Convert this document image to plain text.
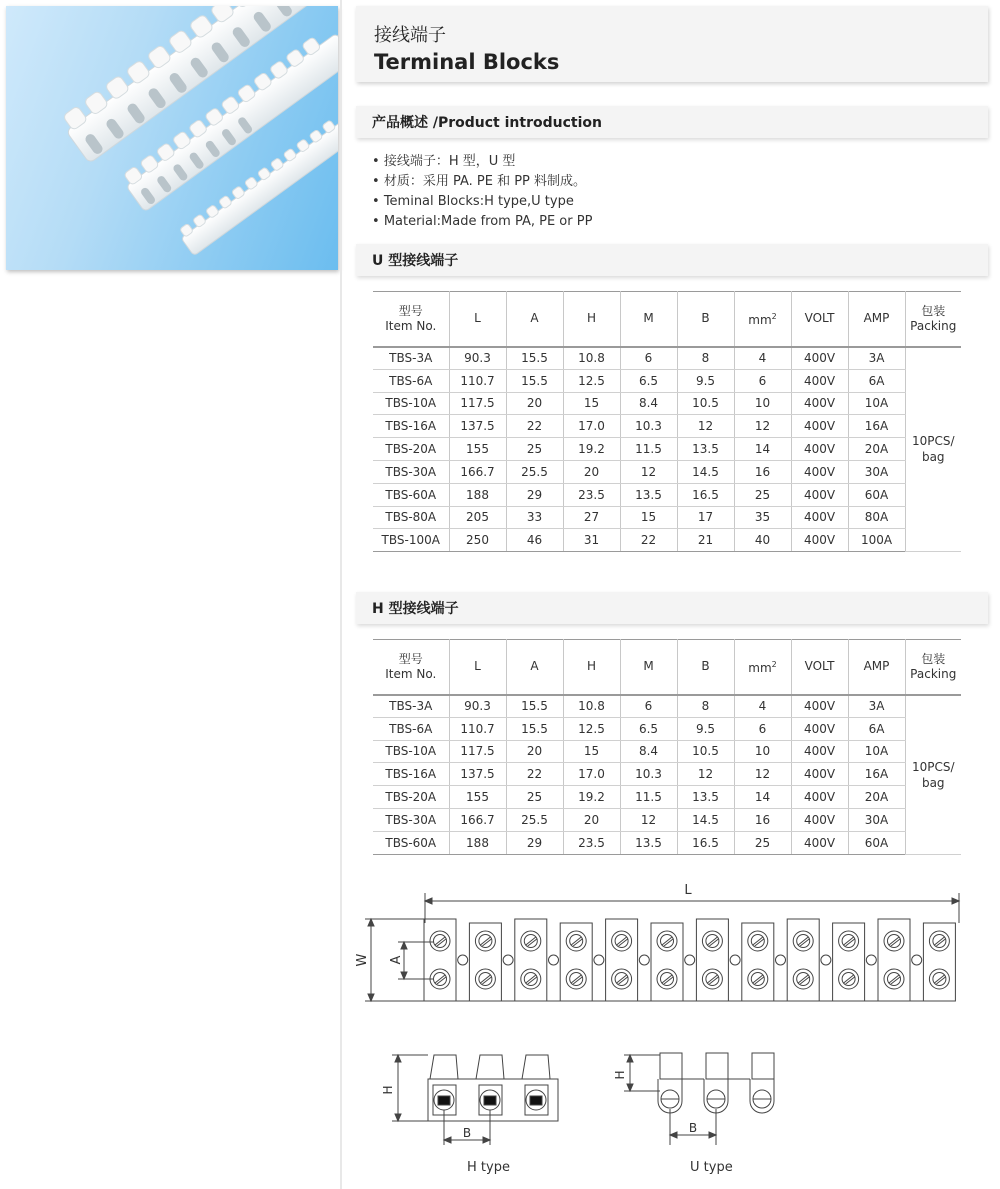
接线端子
Terminal Blocks
产品概述 /Product introduction
• 接线端子：H 型，U 型
• 材质：采用 PA. PE 和 PP 料制成。
• Teminal Blocks:H type,U type
• Material:Made from PA, PE or PP
U 型接线端子
型号
Item No.	L	A	H	M	B	$mm^2$	VOLT	AMP	包装
Packing
TBS-3A	90.3	15.5	10.8	6	8	4	400V	3A	10PCS/
bag
TBS-6A	110.7	15.5	12.5	6.5	9.5	6	400V	6A	
TBS-10A	117.5	20	15	8.4	10.5	10	400V	10A	
TBS-16A	137.5	22	17.0	10.3	12	12	400V	16A	
TBS-20A	155	25	19.2	11.5	13.5	14	400V	20A	
TBS-30A	166.7	25.5	20	12	14.5	16	400V	30A	
TBS-60A	188	29	23.5	13.5	16.5	25	400V	60A	
TBS-80A	205	33	27	15	17	35	400V	80A	
TBS-100A	250	46	31	22	21	40	400V	100A	
H 型接线端子
型号
Item No.	L	A	H	M	B	$mm^2$	VOLT	AMP	包装
Packing
TBS-3A	90.3	15.5	10.8	6	8	4	400V	3A	10PCS/
bag
TBS-6A	110.7	15.5	12.5	6.5	9.5	6	400V	6A	
TBS-10A	117.5	20	15	8.4	10.5	10	400V	10A	
TBS-16A	137.5	22	17.0	10.3	12	12	400V	16A	
TBS-20A	155	25	19.2	11.5	13.5	14	400V	20A	
TBS-30A	166.7	25.5	20	12	14.5	16	400V	30A	
TBS-60A	188	29	23.5	13.5	16.5	25	400V	60A	
L
W A
H
B
H type
H
B
U type
